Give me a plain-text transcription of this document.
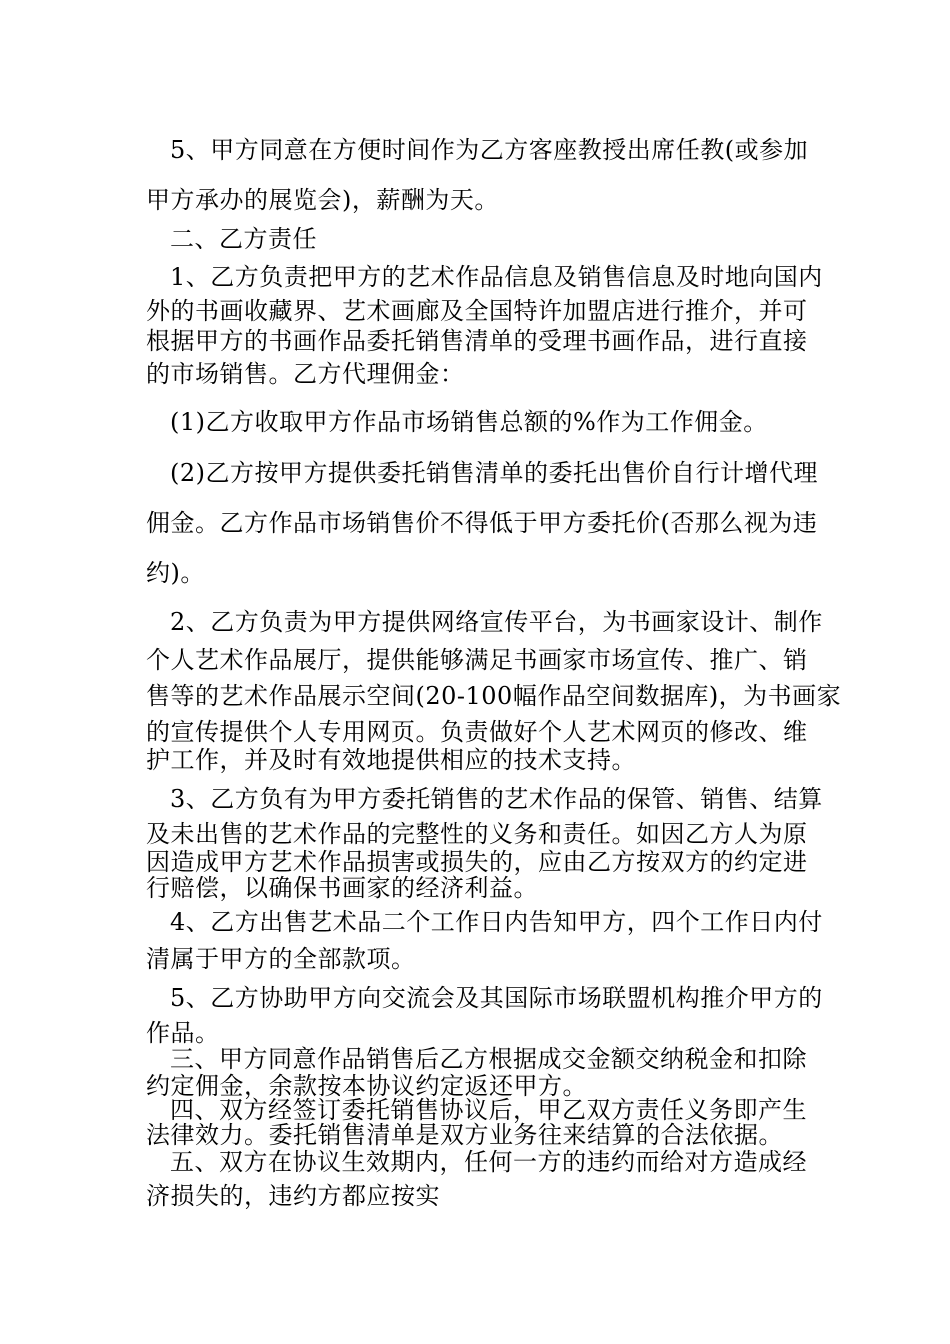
5、甲方同意在方便时间作为乙方客座教授出席任教(或参加
甲方承办的展览会)，薪酬为天。
二、乙方责任
1、乙方负责把甲方的艺术作品信息及销售信息及时地向国内
外的书画收藏界、艺术画廊及全国特许加盟店进行推介，并可
根据甲方的书画作品委托销售清单的受理书画作品，进行直接
的市场销售。乙方代理佣金：
(1)乙方收取甲方作品市场销售总额的%作为工作佣金。
(2)乙方按甲方提供委托销售清单的委托出售价自行计增代理
佣金。乙方作品市场销售价不得低于甲方委托价(否那么视为违
约)。
2、乙方负责为甲方提供网络宣传平台，为书画家设计、制作
个人艺术作品展厅，提供能够满足书画家市场宣传、推广、销
售等的艺术作品展示空间(20-100幅作品空间数据库)，为书画家
的宣传提供个人专用网页。负责做好个人艺术网页的修改、维
护工作，并及时有效地提供相应的技术支持。
3、乙方负有为甲方委托销售的艺术作品的保管、销售、结算
及未出售的艺术作品的完整性的义务和责任。如因乙方人为原
因造成甲方艺术作品损害或损失的，应由乙方按双方的约定进
行赔偿，以确保书画家的经济利益。
4、乙方出售艺术品二个工作日内告知甲方，四个工作日内付
清属于甲方的全部款项。
5、乙方协助甲方向交流会及其国际市场联盟机构推介甲方的
作品。
三、甲方同意作品销售后乙方根据成交金额交纳税金和扣除
约定佣金，余款按本协议约定返还甲方。
四、双方经签订委托销售协议后，甲乙双方责任义务即产生
法律效力。委托销售清单是双方业务往来结算的合法依据。
五、双方在协议生效期内，任何一方的违约而给对方造成经
济损失的，违约方都应按实
